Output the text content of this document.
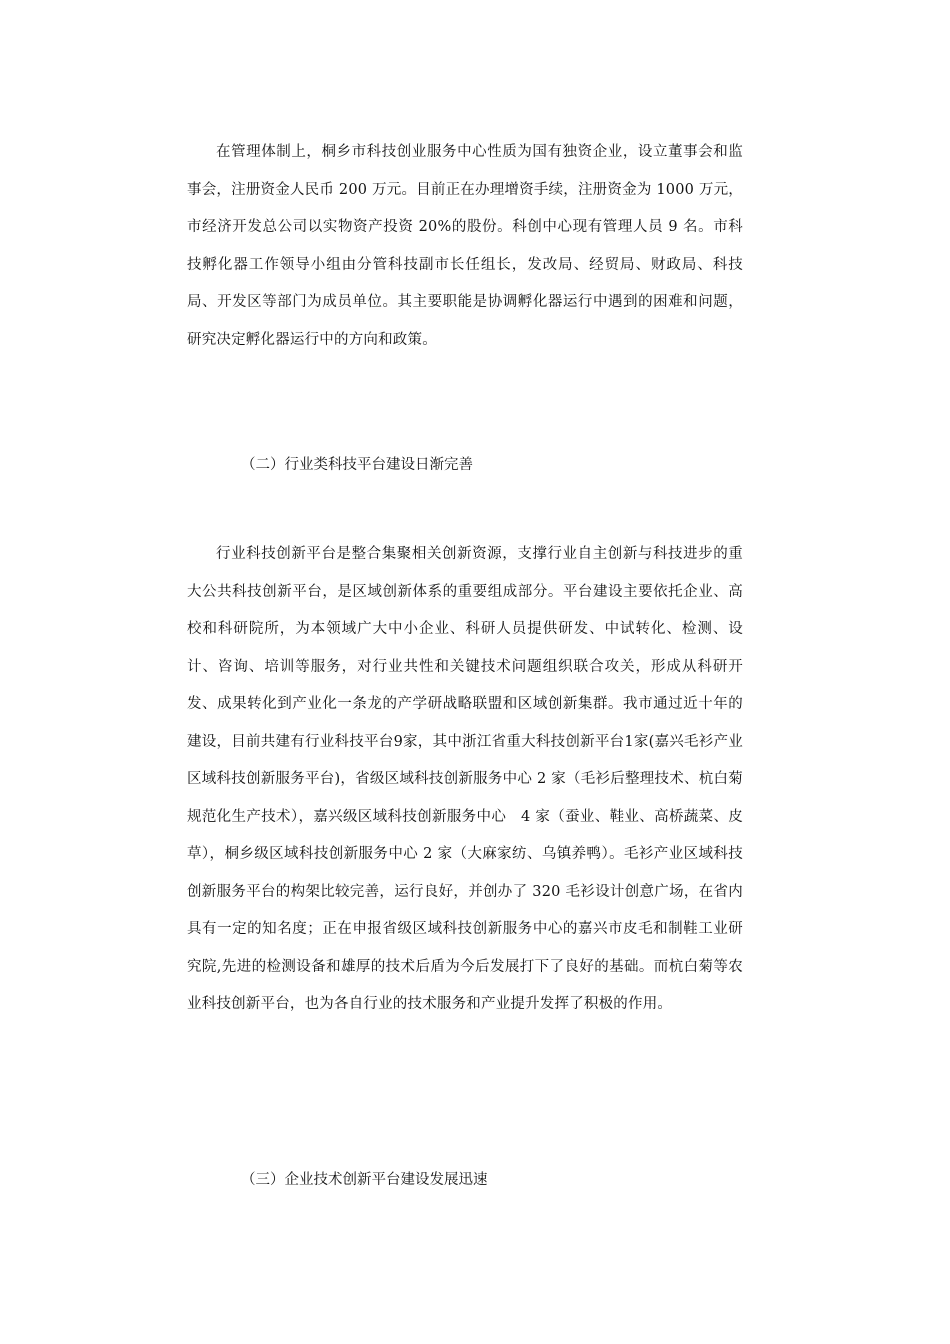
在管理体制上，桐乡市科技创业服务中心性质为国有独资企业，设立董事会和监事会，注册资金人民币 200 万元。目前正在办理增资手续，注册资金为 1000 万元，市经济开发总公司以实物资产投资 20%的股份。科创中心现有管理人员 9 名。市科技孵化器工作领导小组由分管科技副市长任组长，发改局、经贸局、财政局、科技局、开发区等部门为成员单位。其主要职能是协调孵化器运行中遇到的困难和问题，研究决定孵化器运行中的方向和政策。

（二）行业类科技平台建设日渐完善

行业科技创新平台是整合集聚相关创新资源，支撑行业自主创新与科技进步的重大公共科技创新平台，是区域创新体系的重要组成部分。平台建设主要依托企业、高校和科研院所，为本领域广大中小企业、科研人员提供研发、中试转化、检测、设计、咨询、培训等服务，对行业共性和关键技术问题组织联合攻关，形成从科研开发、成果转化到产业化一条龙的产学研战略联盟和区域创新集群。我市通过近十年的建设，目前共建有行业科技平台9家，其中浙江省重大科技创新平台1家(嘉兴毛衫产业区域科技创新服务平台)，省级区域科技创新服务中心 2 家（毛衫后整理技术、杭白菊规范化生产技术），嘉兴级区域科技创新服务中心　4 家（蚕业、鞋业、高桥蔬菜、皮草），桐乡级区域科技创新服务中心 2 家（大麻家纺、乌镇养鸭）。毛衫产业区域科技创新服务平台的构架比较完善，运行良好，并创办了 320 毛衫设计创意广场，在省内具有一定的知名度；正在申报省级区域科技创新服务中心的嘉兴市皮毛和制鞋工业研究院,先进的检测设备和雄厚的技术后盾为今后发展打下了良好的基础。而杭白菊等农业科技创新平台，也为各自行业的技术服务和产业提升发挥了积极的作用。

（三）企业技术创新平台建设发展迅速
